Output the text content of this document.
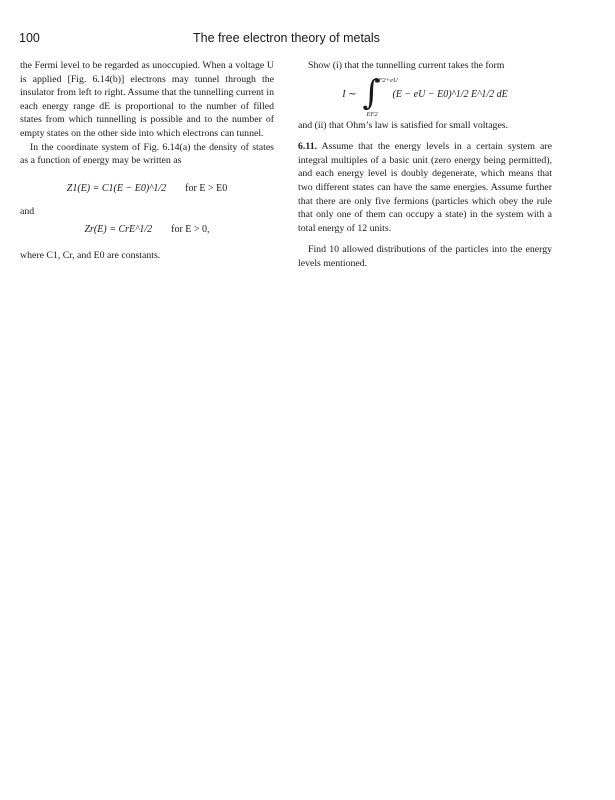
100	The free electron theory of metals

the Fermi level to be regarded as unoccupied. When a voltage U is applied [Fig. 6.14(b)] electrons may tunnel through the insulator from left to right. Assume that the tunnelling current in each energy range dE is proportional to the number of filled states from which tunnelling is possible and to the number of empty states on the other side into which electrons can tunnel.

In the coordinate system of Fig. 6.14(a) the density of states as a function of energy may be written as

Z1(E) = C1(E − E0)^1/2 for E > E0

and

Zr(E) = CrE^1/2 for E > 0,

where C1, Cr, and E0 are constants.

Show (i) that the tunnelling current takes the form

I ∼ ∫
EF2+eU
EF2
(E − eU − E0)^1/2 E^1/2 dE

and (ii) that Ohm’s law is satisfied for small voltages.

6.11. Assume that the energy levels in a certain system are integral multiples of a basic unit (zero energy being permitted), and each energy level is doubly degenerate, which means that two different states can have the same energies. Assume further that there are only five fermions (particles which obey the rule that only one of them can occupy a state) in the system with a total energy of 12 units.

Find 10 allowed distributions of the particles into the energy levels mentioned.
